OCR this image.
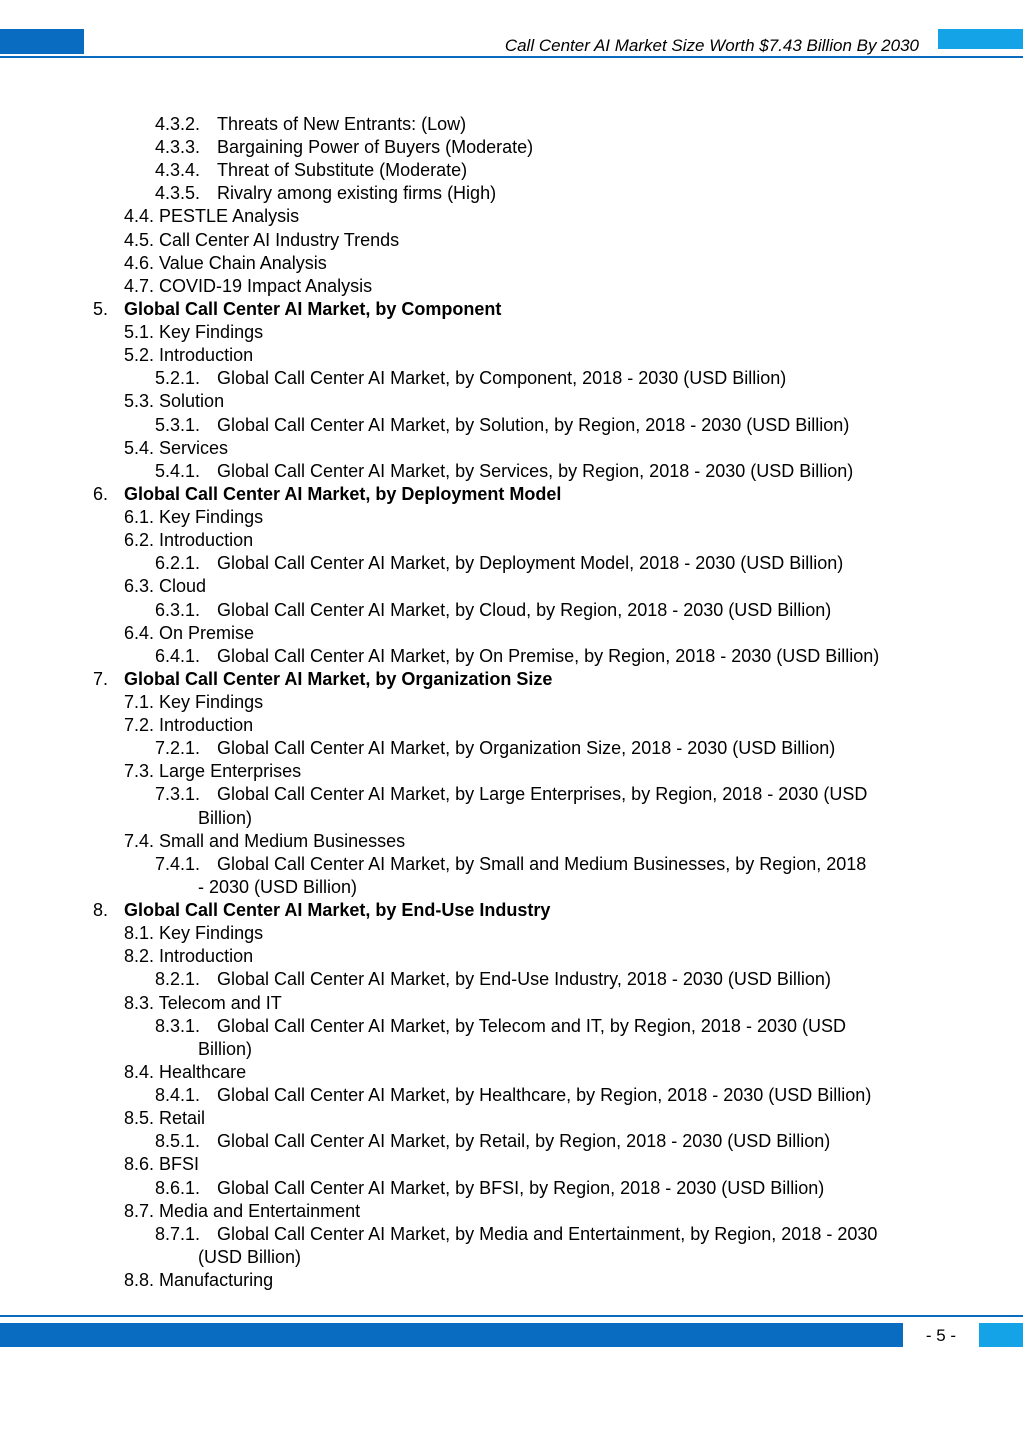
Call Center AI Market Size Worth $7.43 Billion By 2030
4.3.2. Threats of New Entrants: (Low)
4.3.3. Bargaining Power of Buyers (Moderate)
4.3.4. Threat of Substitute (Moderate)
4.3.5. Rivalry among existing firms (High)
4.4. PESTLE Analysis
4.5. Call Center AI Industry Trends
4.6. Value Chain Analysis
4.7. COVID-19 Impact Analysis
5. Global Call Center AI Market, by Component
5.1. Key Findings
5.2. Introduction
5.2.1. Global Call Center AI Market, by Component, 2018 - 2030 (USD Billion)
5.3. Solution
5.3.1. Global Call Center AI Market, by Solution, by Region, 2018 - 2030 (USD Billion)
5.4. Services
5.4.1. Global Call Center AI Market, by Services, by Region, 2018 - 2030 (USD Billion)
6. Global Call Center AI Market, by Deployment Model
6.1. Key Findings
6.2. Introduction
6.2.1. Global Call Center AI Market, by Deployment Model, 2018 - 2030 (USD Billion)
6.3. Cloud
6.3.1. Global Call Center AI Market, by Cloud, by Region, 2018 - 2030 (USD Billion)
6.4. On Premise
6.4.1. Global Call Center AI Market, by On Premise, by Region, 2018 - 2030 (USD Billion)
7. Global Call Center AI Market, by Organization Size
7.1. Key Findings
7.2. Introduction
7.2.1. Global Call Center AI Market, by Organization Size, 2018 - 2030 (USD Billion)
7.3. Large Enterprises
7.3.1. Global Call Center AI Market, by Large Enterprises, by Region, 2018 - 2030 (USD
Billion)
7.4. Small and Medium Businesses
7.4.1. Global Call Center AI Market, by Small and Medium Businesses, by Region, 2018
- 2030 (USD Billion)
8. Global Call Center AI Market, by End-Use Industry
8.1. Key Findings
8.2. Introduction
8.2.1. Global Call Center AI Market, by End-Use Industry, 2018 - 2030 (USD Billion)
8.3. Telecom and IT
8.3.1. Global Call Center AI Market, by Telecom and IT, by Region, 2018 - 2030 (USD
Billion)
8.4. Healthcare
8.4.1. Global Call Center AI Market, by Healthcare, by Region, 2018 - 2030 (USD Billion)
8.5. Retail
8.5.1. Global Call Center AI Market, by Retail, by Region, 2018 - 2030 (USD Billion)
8.6. BFSI
8.6.1. Global Call Center AI Market, by BFSI, by Region, 2018 - 2030 (USD Billion)
8.7. Media and Entertainment
8.7.1. Global Call Center AI Market, by Media and Entertainment, by Region, 2018 - 2030
(USD Billion)
8.8. Manufacturing
- 5 -
